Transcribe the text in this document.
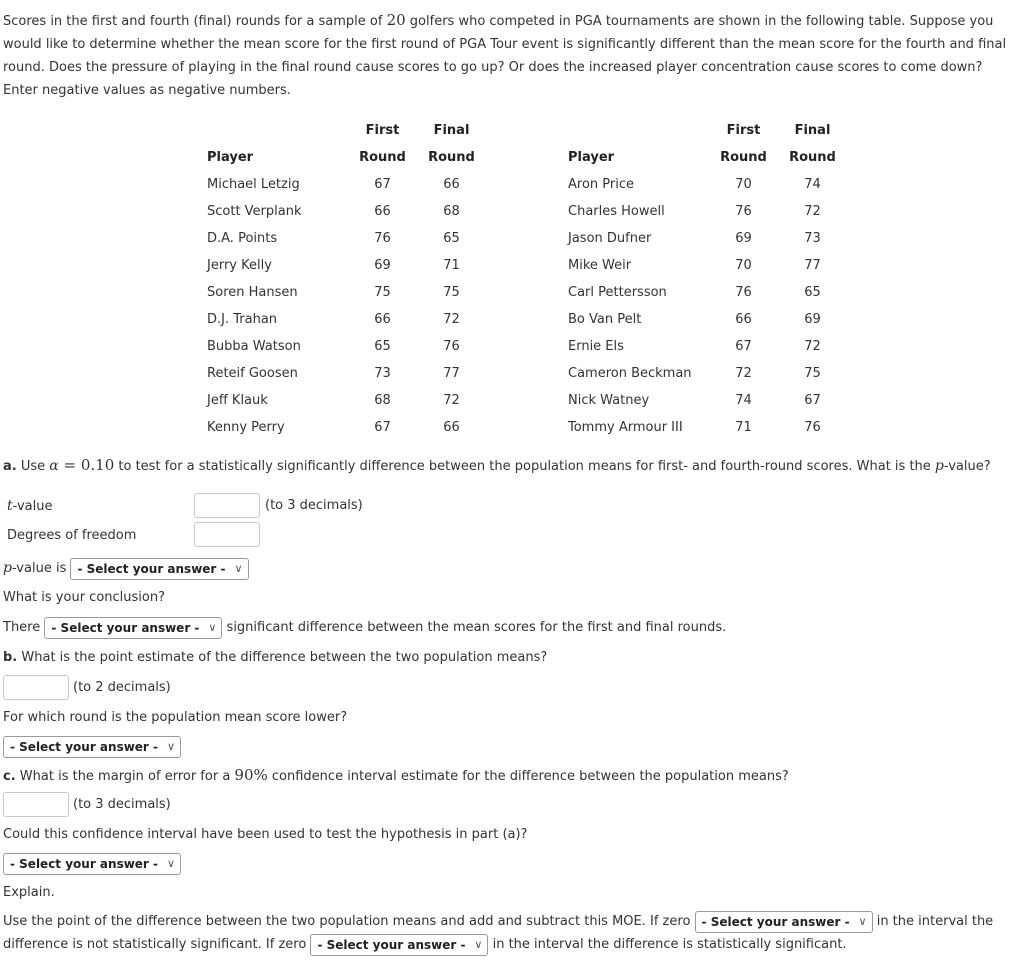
Scores in the first and fourth (final) rounds for a sample of 20 golfers who competed in PGA tournaments are shown in the following table. Suppose you would like to determine whether the mean score for the first round of PGA Tour event is significantly different than the mean score for the fourth and final round. Does the pressure of playing in the final round cause scores to go up? Or does the increased player concentration cause scores to come down? Enter negative values as negative numbers.
	First	Final			First	Final
Player	Round	Round		Player	Round	Round
Michael Letzig	67	66		Aron Price	70	74
Scott Verplank	66	68		Charles Howell	76	72
D.A. Points	76	65		Jason Dufner	69	73
Jerry Kelly	69	71		Mike Weir	70	77
Soren Hansen	75	75		Carl Pettersson	76	65
D.J. Trahan	66	72		Bo Van Pelt	66	69
Bubba Watson	65	76		Ernie Els	67	72
Reteif Goosen	73	77		Cameron Beckman	72	75
Jeff Klauk	68	72		Nick Watney	74	67
Kenny Perry	67	66		Tommy Armour III	71	76
a. Use α = 0.10 to test for a statistically significantly difference between the population means for first- and fourth-round scores. What is the p-value?
t-value	(to 3 decimals)
Degrees of freedom
p-value is - Select your answer - ∨
What is your conclusion?
There - Select your answer - ∨ significant difference between the mean scores for the first and final rounds.
b. What is the point estimate of the difference between the two population means?
(to 2 decimals)
For which round is the population mean score lower?
- Select your answer - ∨
c. What is the margin of error for a 90% confidence interval estimate for the difference between the population means?
(to 3 decimals)
Could this confidence interval have been used to test the hypothesis in part (a)?
- Select your answer - ∨
Explain.
Use the point of the difference between the two population means and add and subtract this MOE. If zero - Select your answer - ∨ in the interval the
difference is not statistically significant. If zero - Select your answer - ∨ in the interval the difference is statistically significant.
